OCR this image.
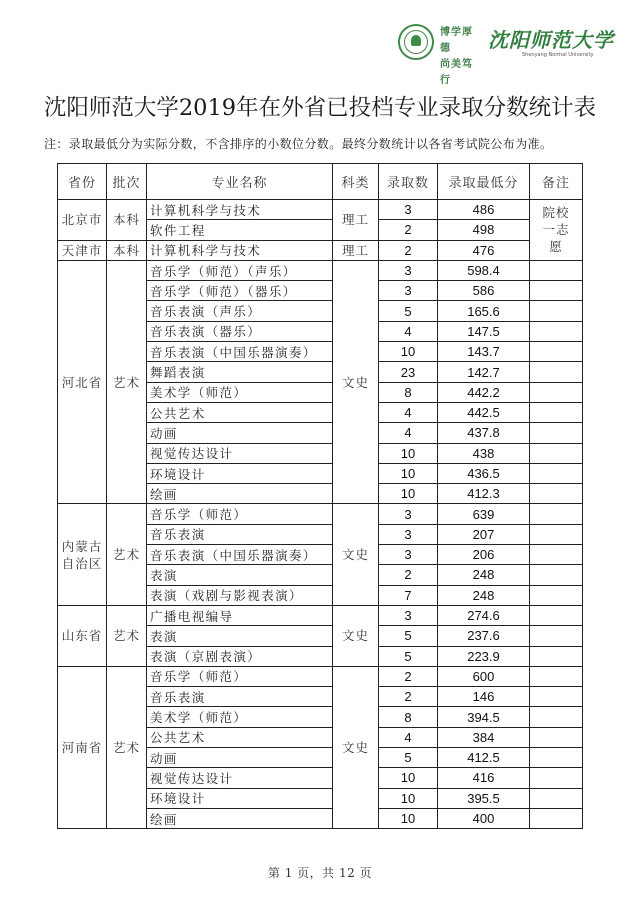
博学厚德
尚美笃行
沈阳师范大学
Shenyang Normal University
沈阳师范大学2019年在外省已投档专业录取分数统计表
注：录取最低分为实际分数，不含排序的小数位分数。最终分数统计以各省考试院公布为准。
省份	批次	专业名称	科类	录取数	录取最低分	备注
北京市	本科	计算机科学与技术	理工	3	486	院校一志愿

		软件工程		2	498	
天津市	本科	计算机科学与技术	理工	2	476	
河北省	艺术	音乐学（师范）（声乐）	文史	3	598.4	
		音乐学（师范）（器乐）		3	586	
		音乐表演（声乐）		5	165.6	
		音乐表演（器乐）		4	147.5	
		音乐表演（中国乐器演奏）		10	143.7	
		舞蹈表演		23	142.7	
		美术学（师范）		8	442.2	
		公共艺术		4	442.5	
		动画		4	437.8	
		视觉传达设计		10	438	
		环境设计		10	436.5	
		绘画		10	412.3	

内蒙古
自治区	艺术	音乐学（师范）	文史	3	639	
		音乐表演		3	207	
		音乐表演（中国乐器演奏）		3	206	
		表演		2	248	
		表演（戏剧与影视表演）		7	248	
山东省	艺术	广播电视编导	文史	3	274.6	
		表演		5	237.6	
		表演（京剧表演）		5	223.9	
河南省	艺术	音乐学（师范）	文史	2	600	
		音乐表演		2	146	
		美术学（师范）		8	394.5	
		公共艺术		4	384	
		动画		5	412.5	
		视觉传达设计		10	416	
		环境设计		10	395.5	
		绘画		10	400	
第 1 页，共 12 页
